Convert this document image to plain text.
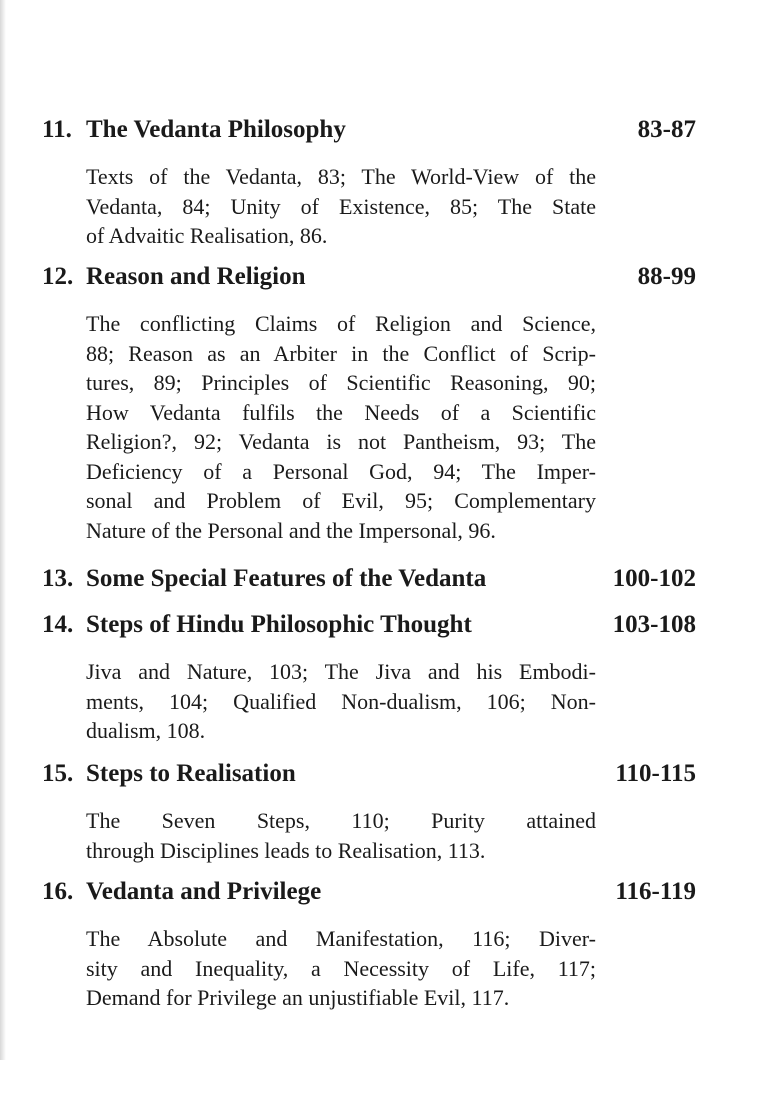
11. The Vedanta Philosophy	83-87
Texts of the Vedanta, 83; The World-View of the
Vedanta, 84; Unity of Existence, 85; The State
of Advaitic Realisation, 86.
12. Reason and Religion	88-99
The conflicting Claims of Religion and Science,
88; Reason as an Arbiter in the Conflict of Scrip-
tures, 89; Principles of Scientific Reasoning, 90;
How Vedanta fulfils the Needs of a Scientific
Religion?, 92; Vedanta is not Pantheism, 93; The
Deficiency of a Personal God, 94; The Imper-
sonal and Problem of Evil, 95; Complementary
Nature of the Personal and the Impersonal, 96.
13. Some Special Features of the Vedanta	100-102
14. Steps of Hindu Philosophic Thought	103-108
Jiva and Nature, 103; The Jiva and his Embodi-
ments, 104; Qualified Non-dualism, 106; Non-
dualism, 108.
15. Steps to Realisation	110-115
The Seven Steps, 110; Purity attained
through Disciplines leads to Realisation, 113.
16. Vedanta and Privilege	116-119
The Absolute and Manifestation, 116; Diver-
sity and Inequality, a Necessity of Life, 117;
Demand for Privilege an unjustifiable Evil, 117.
